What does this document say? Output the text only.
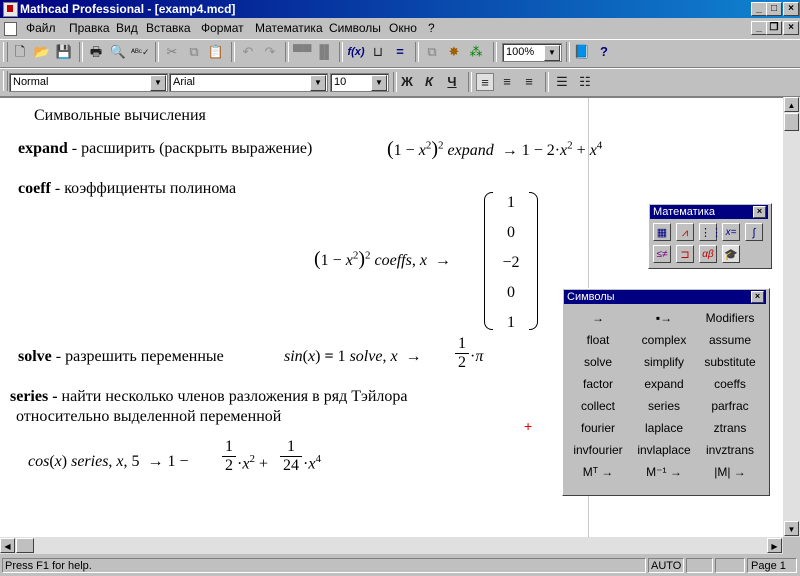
Mathcad Professional - [examp4.mcd]	_ □	×
Файл Правка Вид Вставка Формат Математика Символы Окно ?	_ ❐ ×
🗋 📂 💾 🖶 🔍 ᴬᴮᶜ✓ ✂ ⧉ 📋 ↶ ↷ ▀▀ ▐▌ f(x) ⊔	=	⧉ ✸ ⁂ 100%	▼	📘 ?
Normal	▼	Arial	▼	10	▼	Ж К	Ч	≡	≡	≡	☰ ☷
Символьные вычисления
expand - расширить (раскрыть выражение)	$(1 - x^2)^2$ expand  → $1 - 2\cdot x^2 + x^4$
coeff - коэффициенты полинома
$(1 - x^2)^2$ coeffs, x  →
1
0
−2
0
1
solve - разрешить переменные	sin(x) = 1 solve, x  →
1
2 ·π
series - найти несколько членов разложения в ряд Тэйлора
относительно выделенной переменной
+
cos(x) series, x, 5  → 1 −
1
$2 \cdot x^2$ +
1
$24 \cdot x^4$
▲
▼
◀	▶
Математика	×
▦	⩘	⋮⋮ x=	∫
≤≠	⊐	αβ 🎓
Символы	×
→	▪→	Modifiers
float	complex	assume
solve	simplify	substitute
factor	expand	coeffs
collect	series	parfrac
fourier	laplace	ztrans
invfourier	invlaplace	invztrans
Mᵀ →	M⁻¹ →	|M| →
Press F1 for help.	AUTO	Page 1
